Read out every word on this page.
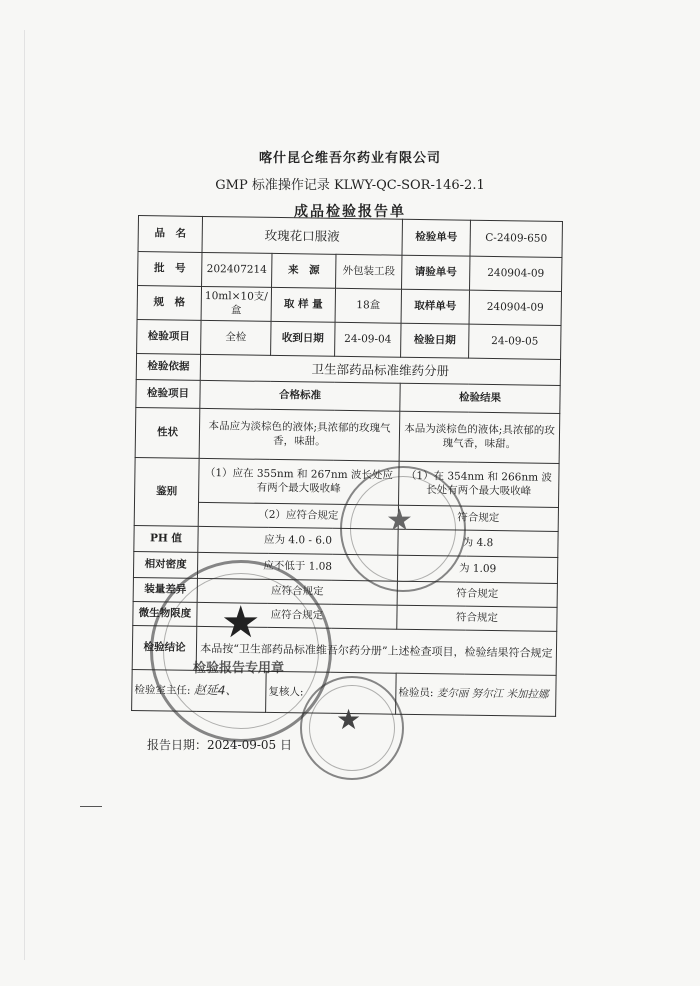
喀什昆仑维吾尔药业有限公司
GMP 标准操作记录 KLWY-QC-SOR-146-2.1
成品检验报告单
品　名	玫瑰花口服液			检验单号	C-2409-650
批　号	202407214	来　源	外包装工段	请验单号	240904-09
规　格	10ml×10支/盒	取 样 量	18盒	取样单号	240904-09
检验项目	全检	收到日期	24-09-04	检验日期	24-09-05
检验依据	卫生部药品标准维药分册				
检验项目	合格标准			检验结果	
性状	本品应为淡棕色的液体;具浓郁的玫瑰气香，味甜。			本品为淡棕色的液体;具浓郁的玫瑰气香，味甜。	
鉴别	（1）应在 355nm 和 267nm 波长处应有两个最大吸收峰			（1）在 354nm 和 266nm 波长处有两个最大吸收峰	
	（2）应符合规定			符合规定	
PH 值	应为 4.0 - 6.0			为 4.8	
相对密度	应不低于 1.08			为 1.09	
装量差异	应符合规定			符合规定	
微生物限度	应符合规定			符合规定	
检验结论	本品按“卫生部药品标准维吾尔药分册”上述检查项目，检验结果符合规定				
检验室主任: 赵延4、		复核人:		检验员: 麦尔丽 努尔江 米加拉娜	
报告日期：2024-09-05 日
★
检验报告专用章
★
★
